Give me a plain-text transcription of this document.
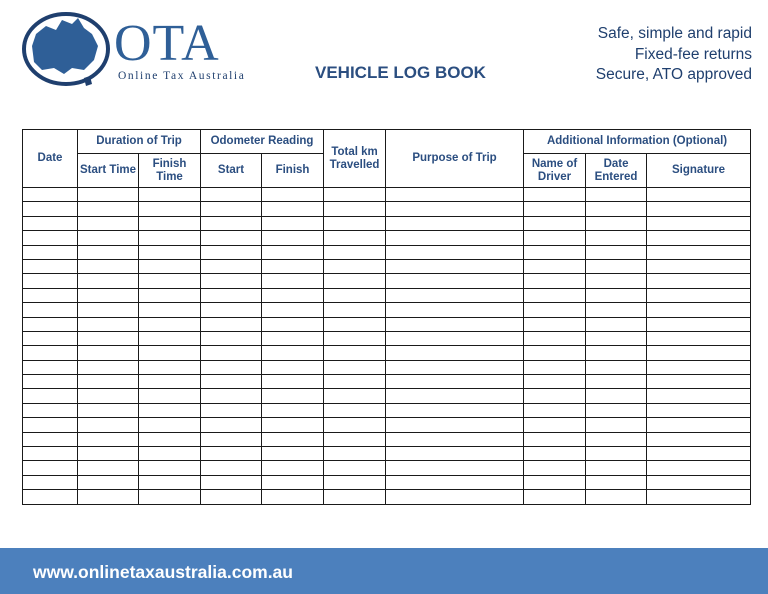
OTA
Online Tax Australia	VEHICLE LOG BOOK
Safe, simple and rapid
Fixed-fee returns
Secure, ATO approved
Date	Duration of Trip		Odometer Reading		Total km Travelled	Purpose of Trip	Additional Information (Optional)		
	Start Time	Finish Time	Start	Finish			Name of Driver	Date Entered	Signature

www.onlinetaxaustralia.com.au
